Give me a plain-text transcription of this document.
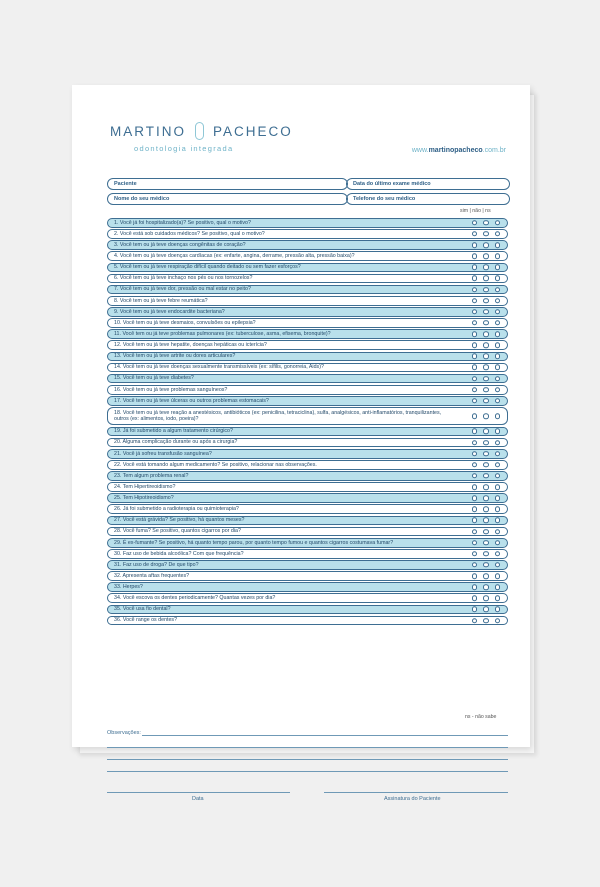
MARTINO PACHECO
odontologia integrada	www.martinopacheco.com.br
Paciente	Data do último exame médico
Nome do seu médico	Telefone do seu médico
sim | não | ns
1. Você já foi hospitalizado(a)? Se positivo, qual o motivo?
2. Você está sob cuidados médicos? Se positivo, qual o motivo?
3. Você tem ou já teve doenças congênitas de coração?
4. Você tem ou já teve doenças cardíacas (ex: enfarte, angina, derrame, pressão alta, pressão baixa)?
5. Você tem ou já teve respiração difícil quando deitado ou sem fazer esforços?
6. Você tem ou já teve inchaço nos pés ou nos tornozelos?
7. Você tem ou já teve dor, pressão ou mal estar no peito?
8. Você tem ou já teve febre reumática?
9. Você tem ou já teve endocardite bacteriana?
10. Você tem ou já teve desmaios, convulsões ou epilepsia?
11. Você tem ou já teve problemas pulmonares (ex: tuberculose, asma, efisema, bronquite)?
12. Você tem ou já teve hepatite, doenças hepáticas ou icterícia?
13. Você tem ou já teve artrite ou dores articulares?
14. Você tem ou já teve doenças sexualmente transmissíveis (ex: sífilis, gonorreia, Aids)?
15. Você tem ou já teve diabetes?
16. Você tem ou já teve problemas sanguíneos?
17. Você tem ou já teve úlceras ou outros problemas estomacais?
18. Você tem ou já teve reação a anestésicos, antibióticos (ex: penicilina, tetraciclina), sulfa, analgésicos, anti-inflamatórios, tranquilizantes, outros (ex: alimentos, iodo, poeira)?
19. Já foi submetido a algum tratamento cirúrgico?
20. Alguma complicação durante ou após a cirurgia?
21. Você já sofreu transfusão sanguínea?
22. Você está tomando algum medicamento? Se positivo, relacionar nas observações.
23. Tem algum problema renal?
24. Tem Hipertireoidismo?
25. Tem Hipotireoidismo?
26. Já foi submetido a radioterapia ou quimioterapia?
27. Você está grávida? Se positivo, há quantos meses?
28. Você fuma? Se positivo, quantos cigarros por dia?
29. É ex-fumante? Se positivo, há quanto tempo parou, por quanto tempo fumou e quantos cigarros costumava fumar?
30. Faz uso de bebida alcoólica? Com que frequência?
31. Faz uso de droga? De que tipo?
32. Apresenta aftas frequentes?
33. Herpes?
34. Você escova os dentes periodicamente? Quantas vezes por dia?
35. Você usa fio dental?
36. Você range os dentes?
ns - não sabe
Observações:
Data	Assinatura do Paciente
